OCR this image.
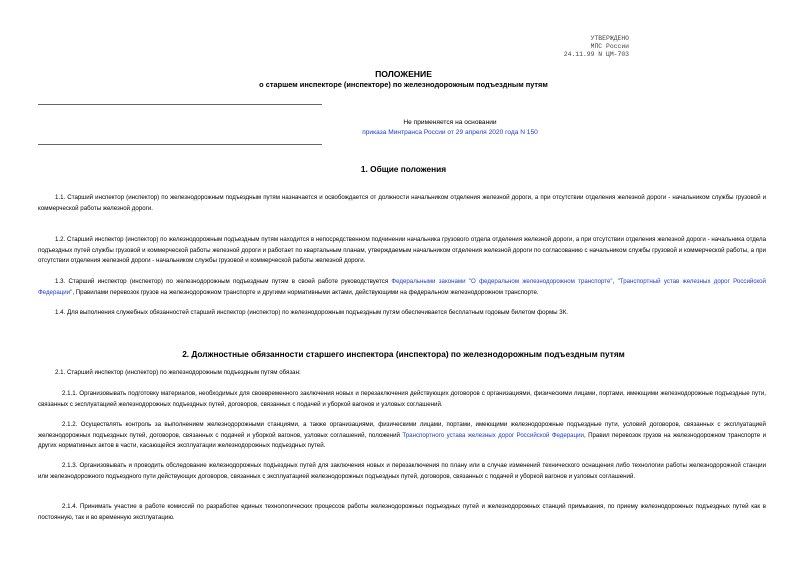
УТВЕРЖДЕНО
МПС России
24.11.99 N ЦМ-703
ПОЛОЖЕНИЕ
о старшем инспекторе (инспекторе) по железнодорожным подъездным путям
Не применяется на основании
приказа Минтранса России от 29 апреля 2020 года N 150
1. Общие положения
1.1. Старший инспектор (инспектор) по железнодорожным подъездным путям назначается и освобождается от должности начальником отделения железной дороги, а при отсутствии отделения железной дороги - начальником службы грузовой и коммерческой работы железной дороги.
1.2. Старший инспектор (инспектор) по железнодорожным подъездным путям находится в непосредственном подчинении начальника грузового отдела отделения железной дороги, а при отсутствии отделения железной дороги - начальника отдела подъездных путей службы грузовой и коммерческой работы железной дороги и работает по квартальным планам, утверждаемым начальником отделения железной дороги по согласованию с начальником службы грузовой и коммерческой работы, а при отсутствии отделения железной дороги - начальником службы грузовой и коммерческой работы железной дороги.
1.3. Старший инспектор (инспектор) по железнодорожным подъездным путям в своей работе руководствуется Федеральными законами "О федеральном железнодорожном транспорте", "Транспортный устав железных дорог Российской Федерации", Правилами перевозок грузов на железнодорожном транспорте и другими нормативными актами, действующими на федеральном железнодорожном транспорте.
1.4. Для выполнения служебных обязанностей старший инспектор (инспектор) по железнодорожным подъездным путям обеспечивается бесплатным годовым билетом формы 3К.
2. Должностные обязанности старшего инспектора (инспектора) по железнодорожным подъездным путям
2.1. Старший инспектор (инспектор) по железнодорожным подъездным путям обязан:
2.1.1. Организовывать подготовку материалов, необходимых для своевременного заключения новых и перезаключения действующих договоров с организациями, физическими лицами, портами, имеющими железнодорожные подъездные пути, связанных с эксплуатацией железнодорожных подъездных путей, договоров, связанных с подачей и уборкой вагонов и узловых соглашений.
2.1.2. Осуществлять контроль за выполнением железнодорожными станциями, а также организациями, физическими лицами, портами, имеющими железнодорожные подъездные пути, условий договоров, связанных с эксплуатацией железнодорожных подъездных путей, договоров, связанных с подачей и уборкой вагонов, узловых соглашений, положений Транспортного устава железных дорог Российской Федерации, Правил перевозок грузов на железнодорожном транспорте и других нормативных актов в части, касающейся эксплуатации железнодорожных подъездных путей.
2.1.3. Организовывать и проводить обследование железнодорожных подъездных путей для заключения новых и перезаключения по плану или в случае изменений технического оснащения либо технологии работы железнодорожной станции или железнодорожного подъездного пути действующих договоров, связанных с эксплуатацией железнодорожных подъездных путей, договоров, связанных с подачей и уборкой вагонов и узловых соглашений.
2.1.4. Принимать участие в работе комиссий по разработке единых технологических процессов работы железнодорожных подъездных путей и железнодорожных станций примыкания, по приему железнодорожных подъездных путей как в постоянную, так и во временную эксплуатацию.
